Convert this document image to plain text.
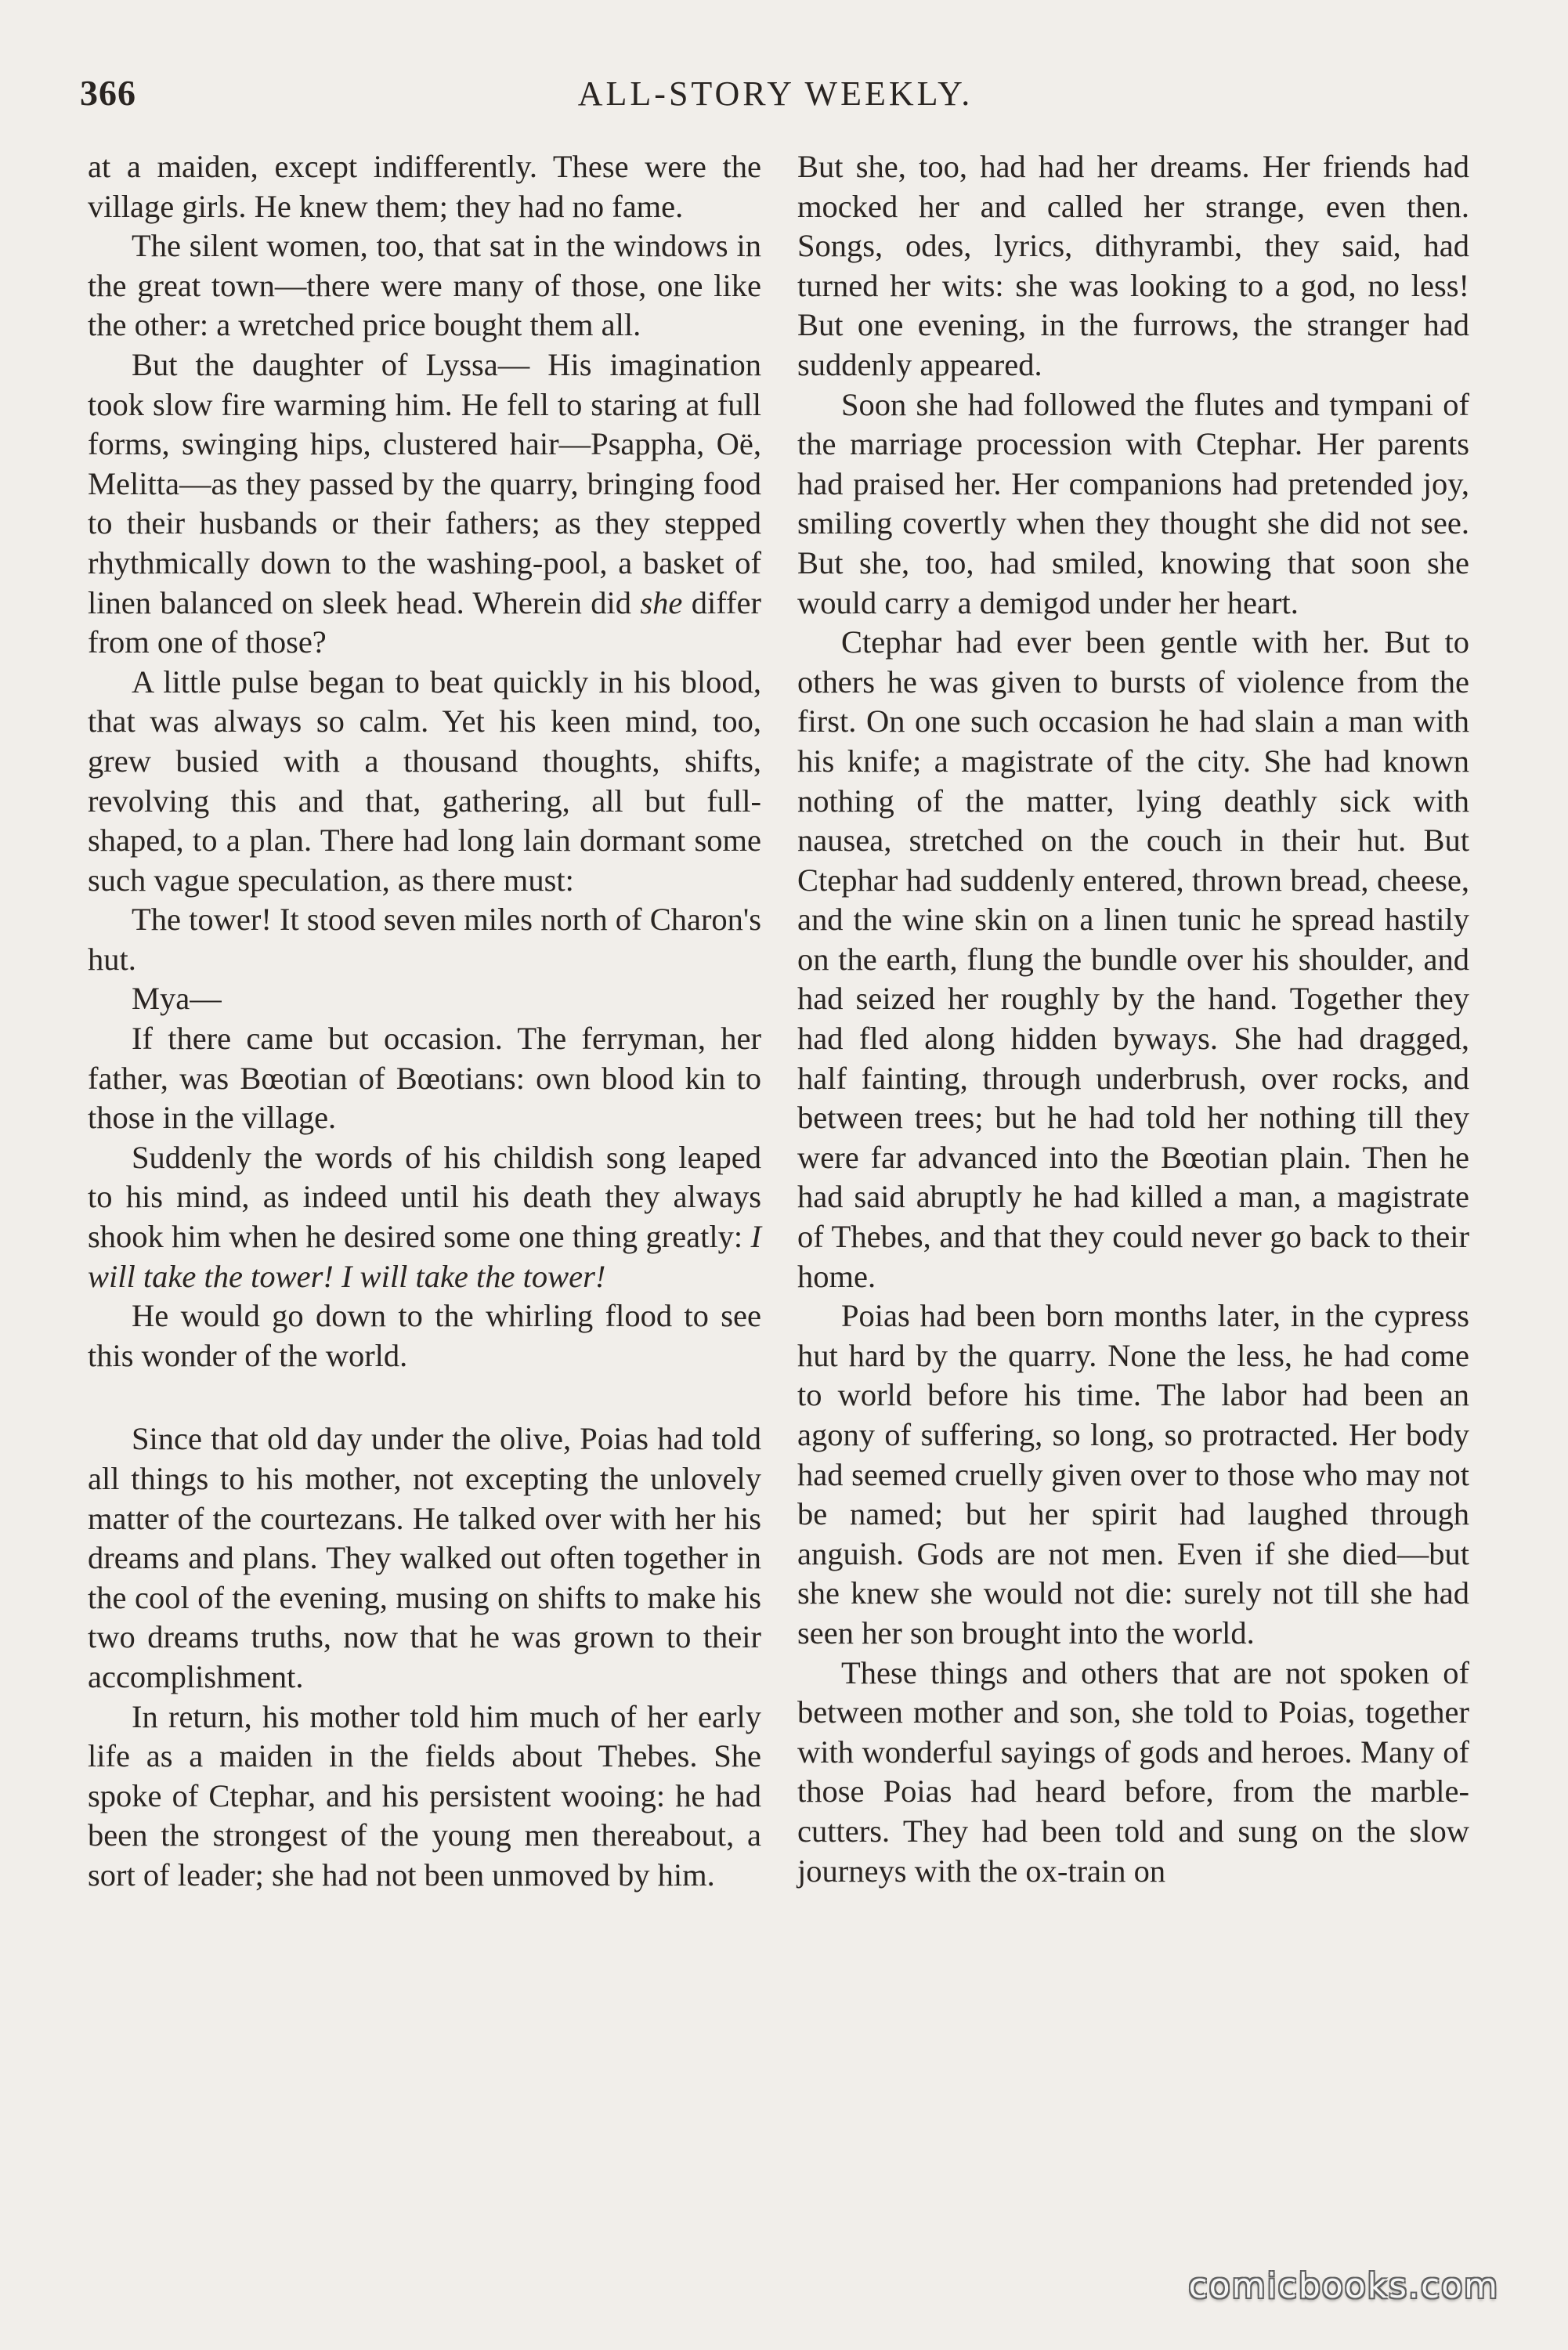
366	ALL-STORY WEEKLY.

at a maiden, except indifferently. These were the village girls. He knew them; they had no fame.

The silent women, too, that sat in the windows in the great town—there were many of those, one like the other: a wretched price bought them all.

But the daughter of Lyssa— His imagination took slow fire warming him. He fell to staring at full forms, swinging hips, clustered hair—Psappha, Oë, Melitta—as they passed by the quarry, bringing food to their husbands or their fathers; as they stepped rhythmically down to the washing-pool, a basket of linen balanced on sleek head. Wherein did she differ from one of those?

A little pulse began to beat quickly in his blood, that was always so calm. Yet his keen mind, too, grew busied with a thousand thoughts, shifts, revolving this and that, gathering, all but full-shaped, to a plan. There had long lain dormant some such vague speculation, as there must:

The tower! It stood seven miles north of Charon's hut.

Mya—

If there came but occasion. The ferryman, her father, was Bœotian of Bœotians: own blood kin to those in the village.

Suddenly the words of his childish song leaped to his mind, as indeed until his death they always shook him when he desired some one thing greatly: I will take the tower! I will take the tower!

He would go down to the whirling flood to see this wonder of the world.

Since that old day under the olive, Poias had told all things to his mother, not excepting the unlovely matter of the courtezans. He talked over with her his dreams and plans. They walked out often together in the cool of the evening, musing on shifts to make his two dreams truths, now that he was grown to their accomplishment.

In return, his mother told him much of her early life as a maiden in the fields about Thebes. She spoke of Ctephar, and his persistent wooing: he had been the strongest of the young men thereabout, a sort of leader; she had not been unmoved by him.

But she, too, had had her dreams. Her friends had mocked her and called her strange, even then. Songs, odes, lyrics, dithyrambi, they said, had turned her wits: she was looking to a god, no less! But one evening, in the furrows, the stranger had suddenly appeared.

Soon she had followed the flutes and tympani of the marriage procession with Ctephar. Her parents had praised her. Her companions had pretended joy, smiling covertly when they thought she did not see. But she, too, had smiled, knowing that soon she would carry a demigod under her heart.

Ctephar had ever been gentle with her. But to others he was given to bursts of violence from the first. On one such occasion he had slain a man with his knife; a magistrate of the city. She had known nothing of the matter, lying deathly sick with nausea, stretched on the couch in their hut. But Ctephar had suddenly entered, thrown bread, cheese, and the wine skin on a linen tunic he spread hastily on the earth, flung the bundle over his shoulder, and had seized her roughly by the hand. Together they had fled along hidden byways. She had dragged, half fainting, through underbrush, over rocks, and between trees; but he had told her nothing till they were far advanced into the Bœotian plain. Then he had said abruptly he had killed a man, a magistrate of Thebes, and that they could never go back to their home.

Poias had been born months later, in the cypress hut hard by the quarry. None the less, he had come to world before his time. The labor had been an agony of suffering, so long, so protracted. Her body had seemed cruelly given over to those who may not be named; but her spirit had laughed through anguish. Gods are not men. Even if she died—but she knew she would not die: surely not till she had seen her son brought into the world.

These things and others that are not spoken of between mother and son, she told to Poias, together with wonderful sayings of gods and heroes. Many of those Poias had heard before, from the marble-cutters. They had been told and sung on the slow journeys with the ox-train on

comicbooks.com
